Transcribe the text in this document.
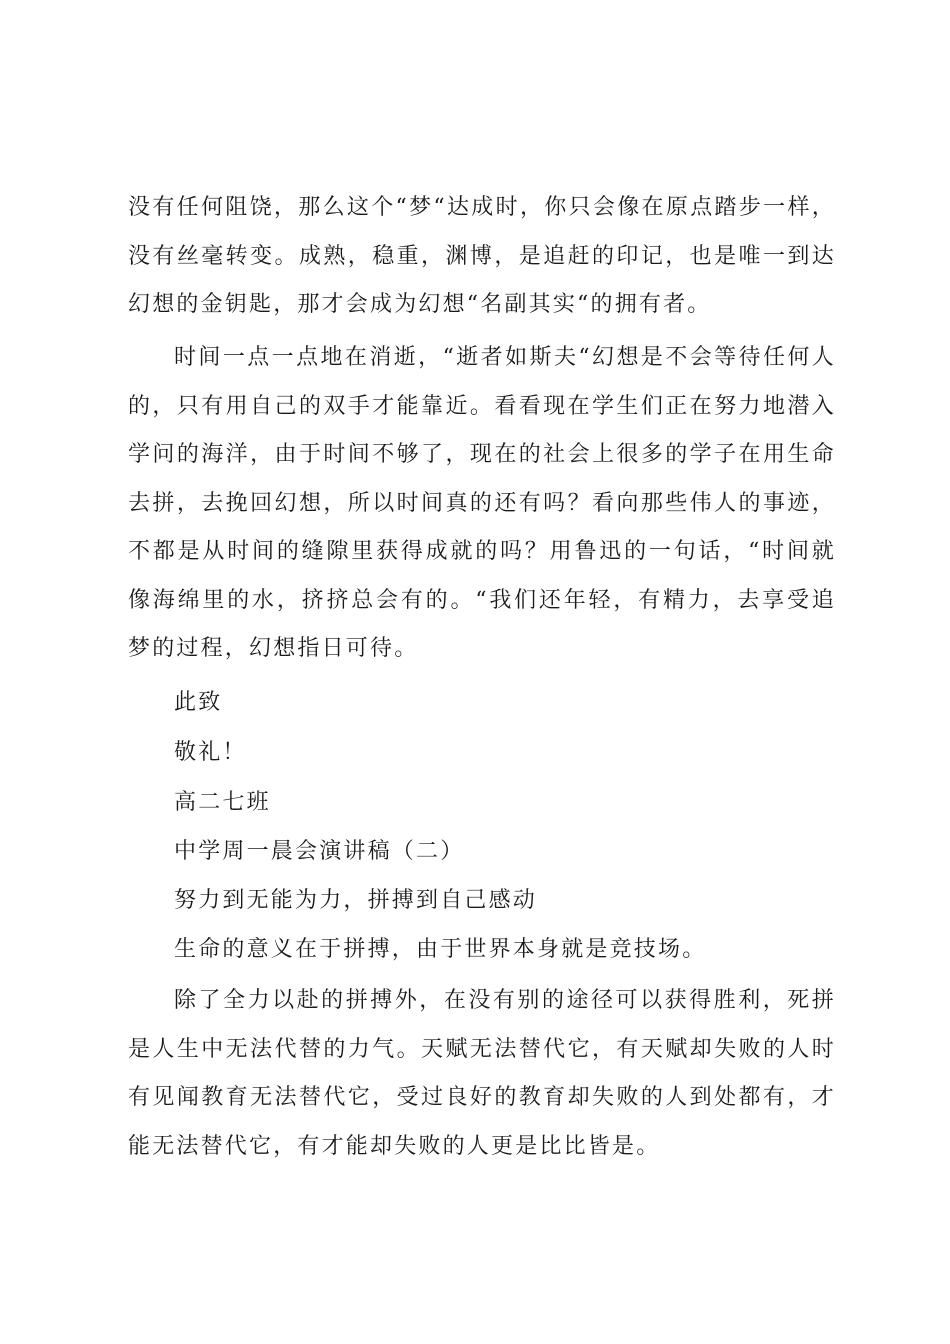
没有任何阻饶，那么这个“梦“达成时，你只会像在原点踏步一样，没有丝毫转变。成熟，稳重，渊博，是追赶的印记，也是唯一到达幻想的金钥匙，那才会成为幻想“名副其实“的拥有者。

时间一点一点地在消逝，“逝者如斯夫“幻想是不会等待任何人的，只有用自己的双手才能靠近。看看现在学生们正在努力地潜入学问的海洋，由于时间不够了，现在的社会上很多的学子在用生命去拼，去挽回幻想，所以时间真的还有吗？看向那些伟人的事迹，不都是从时间的缝隙里获得成就的吗？用鲁迅的一句话，“时间就像海绵里的水，挤挤总会有的。“我们还年轻，有精力，去享受追梦的过程，幻想指日可待。

此致

敬礼！

高二七班

中学周一晨会演讲稿（二）

努力到无能为力，拼搏到自己感动

生命的意义在于拼搏，由于世界本身就是竞技场。

除了全力以赴的拼搏外，在没有别的途径可以获得胜利，死拼是人生中无法代替的力气。天赋无法替代它，有天赋却失败的人时有见闻教育无法替代它，受过良好的教育却失败的人到处都有，才能无法替代它，有才能却失败的人更是比比皆是。
